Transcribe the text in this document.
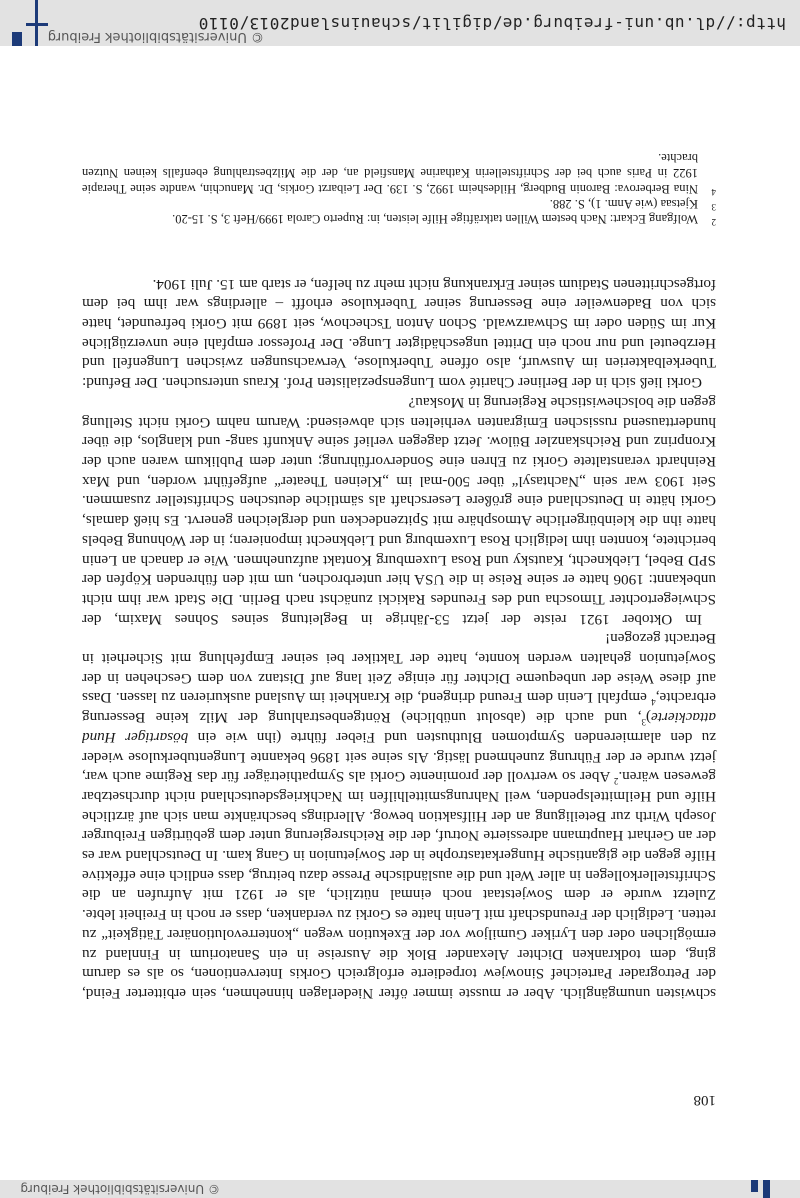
© Universitätsbibliothek Freiburg
108

schwisten unumgänglich. Aber er musste immer öfter Niederlagen hinnehmen, sein erbitterter Feind, der Petrograder Parteichef Sinowjew torpedierte erfolgreich Gorkis Interventionen, so als es darum ging, dem todkranken Dichter Alexander Blok die Ausreise in ein Sanatorium in Finnland zu ermöglichen oder den Lyriker Gumiljow vor der Exekution wegen „konterrevolutionärer Tätigkeit“ zu retten. Lediglich der Freundschaft mit Lenin hatte es Gorki zu verdanken, dass er noch in Freiheit lebte. Zuletzt wurde er dem Sowjetstaat noch einmal nützlich, als er 1921 mit Aufrufen an die Schriftstellerkollegen in aller Welt und die ausländische Presse dazu beitrug, dass endlich eine effektive Hilfe gegen die gigantische Hungerkatastrophe in der Sowjetunion in Gang kam. In Deutschland war es der an Gerhart Hauptmann adressierte Notruf, der die Reichsregierung unter dem gebürtigen Freiburger Joseph Wirth zur Beteiligung an der Hilfsaktion bewog. Allerdings beschränkte man sich auf ärztliche Hilfe und Heilmittelspenden, weil Nahrungsmittelhilfen im Nachkriegsdeutschland nicht durchsetzbar gewesen wären.$^2$ Aber so wertvoll der prominente Gorki als Sympathieträger für das Regime auch war, jetzt wurde er der Führung zunehmend lästig. Als seine seit 1896 bekannte Lungentuberkulose wieder zu den alarmierenden Symptomen Bluthusten und Fieber führte (ihn wie ein bösartiger Hund attackierte)$^3$, und auch die (absolut unübliche) Röntgenbestrahlung der Milz keine Besserung erbrachte,$^4$ empfahl Lenin dem Freund dringend, die Krankheit im Ausland auskurieren zu lassen. Dass auf diese Weise der unbequeme Dichter für einige Zeit lang auf Distanz von dem Geschehen in der Sowjetunion gehalten werden konnte, hatte der Taktiker bei seiner Empfehlung mit Sicherheit in Betracht gezogen!

Im Oktober 1921 reiste der jetzt 53-Jährige in Begleitung seines Sohnes Maxim, der Schwiegertochter Timoscha und des Freundes Rakicki zunächst nach Berlin. Die Stadt war ihm nicht unbekannt: 1906 hatte er seine Reise in die USA hier unterbrochen, um mit den führenden Köpfen der SPD Bebel, Liebknecht, Kautsky und Rosa Luxemburg Kontakt aufzunehmen. Wie er danach an Lenin berichtete, konnten ihm lediglich Rosa Luxemburg und Liebknecht imponieren; in der Wohnung Bebels hatte ihn die kleinbürgerliche Atmosphäre mit Spitzendecken und dergleichen genervt. Es hieß damals, Gorki hätte in Deutschland eine größere Leserschaft als sämtliche deutschen Schriftsteller zusammen. Seit 1903 war sein „Nachtasyl“ über 500-mal im „Kleinen Theater“ aufgeführt worden, und Max Reinhardt veranstaltete Gorki zu Ehren eine Sondervorführung; unter dem Publikum waren auch der Kronprinz und Reichskanzler Bülow. Jetzt dagegen verlief seine Ankunft sang- und klanglos, die über hunderttausend russischen Emigranten verhielten sich abweisend: Warum nahm Gorki nicht Stellung gegen die bolschewistische Regierung in Moskau?

Gorki ließ sich in der Berliner Charité vom Lungenspezialisten Prof. Kraus untersuchen. Der Befund: Tuberkelbakterien im Auswurf, also offene Tuberkulose, Verwachsungen zwischen Lungenfell und Herzbeutel und nur noch ein Drittel ungeschädigter Lunge. Der Professor empfahl eine unverzügliche Kur im Süden oder im Schwarzwald. Schon Anton Tschechow, seit 1899 mit Gorki befreundet, hatte sich von Badenweiler eine Besserung seiner Tuberkulose erhofft – allerdings war ihm bei dem fortgeschrittenen Stadium seiner Erkrankung nicht mehr zu helfen, er starb am 15. Juli 1904.

2
Wolfgang Eckart: Nach bestem Willen tatkräftige Hilfe leisten, in: Ruperto Carola 1999/Heft 3, S. 15-20.
3
Kjetsaa (wie Anm. 1), S. 288.
4
Nina Berberova: Baronin Budberg, Hildesheim 1992, S. 139. Der Leibarzt Gorkis, Dr. Manuchin, wandte seine Therapie 1922 in Paris auch bei der Schriftstellerin Katharine Mansfield an, der die Milzbestrahlung ebenfalls keinen Nutzen brachte.
http://dl.ub.uni-freiburg.de/digilit/schauinsland2013/0110
© Universitätsbibliothek Freiburg
